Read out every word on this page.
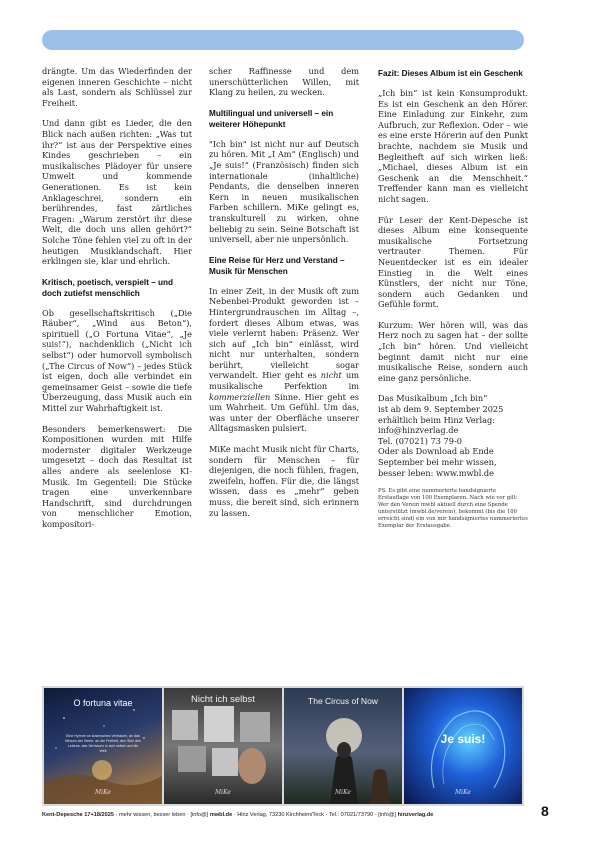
drängte. Um das Wiederfinden der eigenen inneren Geschichte – nicht als Last, sondern als Schlüssel zur Freiheit.

Und dann gibt es Lieder, die den Blick nach außen richten: „Was tut ihr?“ ist aus der Perspektive eines Kindes geschrieben – ein musikalisches Plädoyer für unsere Umwelt und kommende Generationen. Es ist kein Anklageschrei, sondern ein berührendes, fast zärtliches Fragen: „Warum zerstört ihr diese Welt, die doch uns allen gehört?“ Solche Töne fehlen viel zu oft in der heutigen Musiklandschaft. Hier erklingen sie, klar und ehrlich.

Kritisch, poetisch, verspielt – und doch zutiefst menschlich

Ob gesellschaftskritisch („Die Räuber“, „Wind aus Beton“), spirituell („O Fortuna Vitae“, „Je suis!“), nachdenklich („Nicht ich selbst“) oder humorvoll symbolisch („The Circus of Now“) – jedes Stück ist eigen, doch alle verbindet ein gemeinsamer Geist – sowie die tiefe Überzeugung, dass Musik auch ein Mittel zur Wahrhaftigkeit ist.

Besonders bemerkenswert: Die Kompositionen wurden mit Hilfe modernster digitaler Werkzeuge umgesetzt – doch das Resultat ist alles andere als seelenlose KI-Musik. Im Gegenteil: Die Stücke tragen eine unverkennbare Handschrift, sind durchdrungen von menschlicher Emotion, kompositori-

scher Raffinesse und dem unerschütterlichen Willen, mit Klang zu heilen, zu wecken.

Multilingual und universell – ein weiterer Höhepunkt

"Ich bin" ist nicht nur auf Deutsch zu hören. Mit „I Am“ (Englisch) und „Je suis!“ (Französisch) finden sich internationale (inhaltliche) Pendants, die denselben inneren Kern in neuen musikalischen Farben schillern. MiKe gelingt es, transkulturell zu wirken, ohne beliebig zu sein. Seine Botschaft ist universell, aber nie unpersönlich.

Eine Reise für Herz und Verstand – Musik für Menschen

In einer Zeit, in der Musik oft zum Nebenbei-Produkt geworden ist – Hintergrundrauschen im Alltag –, fordert dieses Album etwas, was viele verlernt haben: Präsenz. Wer sich auf „Ich bin“ einlässt, wird nicht nur unterhalten, sondern berührt, vielleicht sogar verwandelt. Hier geht es nicht um musikalische Perfektion im kommerziellen Sinne. Hier geht es um Wahrheit. Um Gefühl. Um das, was unter der Oberfläche unserer Alltagsmasken pulsiert.

MiKe macht Musik nicht für Charts, sondern für Menschen – für diejenigen, die noch fühlen, fragen, zweifeln, hoffen. Für die, die längst wissen, dass es „mehr“ geben muss, die bereit sind, sich erinnern zu lassen.

Fazit: Dieses Album ist ein Geschenk

„Ich bin“ ist kein Konsumprodukt. Es ist ein Geschenk an den Hörer. Eine Einladung zur Einkehr, zum Aufbruch, zur Reflexion. Oder – wie es eine erste Hörerin auf den Punkt brachte, nachdem sie Musik und Begleitheft auf sich wirken ließ: „Michael, dieses Album ist ein Geschenk an die Menschheit.“ Treffender kann man es vielleicht nicht sagen.

Für Leser der Kent-Depesche ist dieses Album eine konsequente musikalische Fortsetzung vertrauter Themen. Für Neuentdecker ist es ein idealer Einstieg in die Welt eines Künstlers, der nicht nur Töne, sondern auch Gedanken und Gefühle formt.

Kurzum: Wer hören will, was das Herz noch zu sagen hat – der sollte „Ich bin“ hören. Und vielleicht beginnt damit nicht nur eine musikalische Reise, sondern auch eine ganz persönliche.

Das Musikalbum „Ich bin“
ist ab dem 9. September 2025
erhältlich beim Hinz Verlag:
info@hinzverlag.de
Tel. (07021) 73 79-0
Oder als Download ab Ende
September bei mehr wissen,
besser leben: www.mwbl.de

PS. Es gibt eine nummerierte handsignierte Erstauflage von 100 Exemplaren. Nach wie vor gilt: Wer den Verein mwbl aktuell durch eine Spende unterstützt (mwbl.de/verein), bekommt (bis die 100 erreicht sind) ein von mir handsigniertes nummeriertes Exemplar der Erstausgabe.

O fortuna vitae
Eine Hymne an kosmisches Vertrauen, an das Wissen der Seele, an die Freiheit, den Sinn des Lebens, das Vertrauen in sich selbst und die Welt
MiKe
Nicht ich selbst
MiKe
The Circus of Now
MiKe
Je suis!
MiKe
Kent-Depesche 17+18/2025 · mehr wissen, besser leben · [info@] mwbl.de · Hinz Verlag, 73230 Kirchheim/Teck · Tel.: 07021/73790 · [info@] hinzverlag.de	8
